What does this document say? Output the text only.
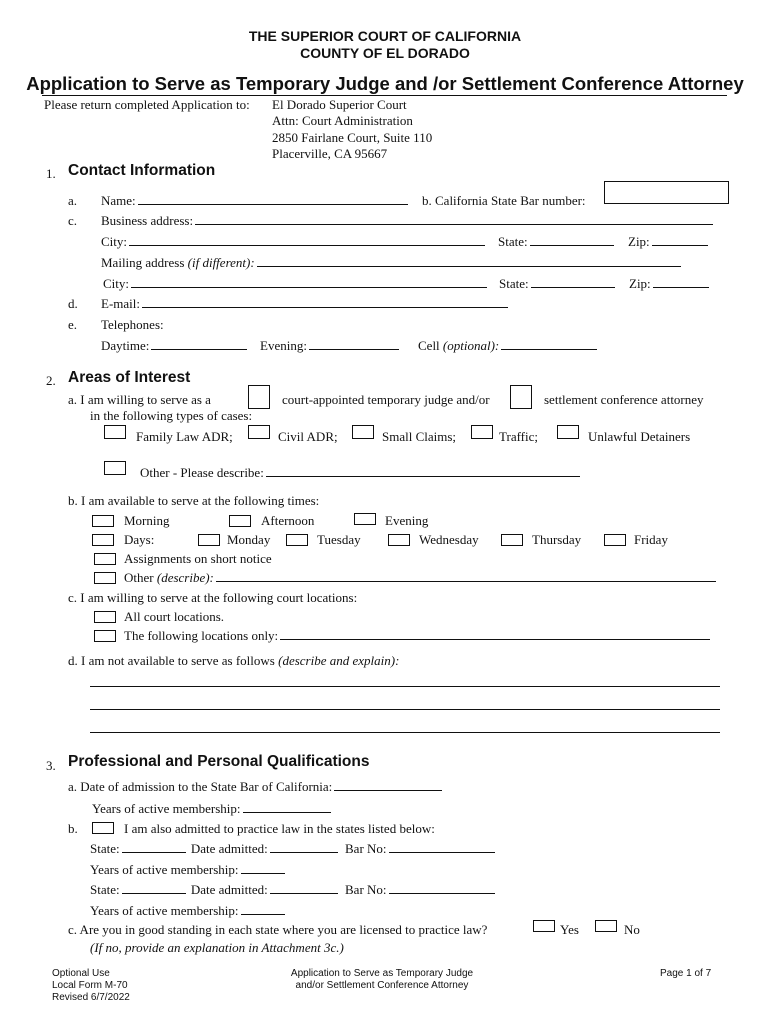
THE SUPERIOR COURT OF CALIFORNIA
COUNTY OF EL DORADO
Application to Serve as Temporary Judge and /or Settlement Conference Attorney
Please return completed Application to: El Dorado Superior Court
Attn: Court Administration
2850 Fairlane Court, Suite 110
Placerville, CA 95667
1. Contact Information
a. Name:	b. California State Bar number:
c. Business address:
City:	State:	Zip:
Mailing address (if different):
City:	State:	Zip:
d. E-mail:
e. Telephones:
Daytime:	Evening:	Cell (optional):
2. Areas of Interest
a. I am willing to serve as a	court-appointed temporary judge and/or	settlement conference attorney
in the following types of cases:
Family Law ADR;	Civil ADR;	Small Claims;	Traffic;	Unlawful Detainers
Other - Please describe:
b. I am available to serve at the following times:
Morning	Afternoon	Evening
Days:	Monday	Tuesday	Wednesday	Thursday	Friday
Assignments on short notice
Other (describe):
c. I am willing to serve at the following court locations:
All court locations.
The following locations only:
d. I am not available to serve as follows (describe and explain):
3. Professional and Personal Qualifications
a. Date of admission to the State Bar of California:
Years of active membership:
b.	I am also admitted to practice law in the states listed below:
State:	Date admitted:	Bar No:
Years of active membership:
State:	Date admitted:	Bar No:
Years of active membership:
c. Are you in good standing in each state where you are licensed to practice law?	Yes	No
(If no, provide an explanation in Attachment 3c.)
Optional Use
Local Form M-70
Revised 6/7/2022
Application to Serve as Temporary Judge
and/or Settlement Conference Attorney
Page 1 of 7
